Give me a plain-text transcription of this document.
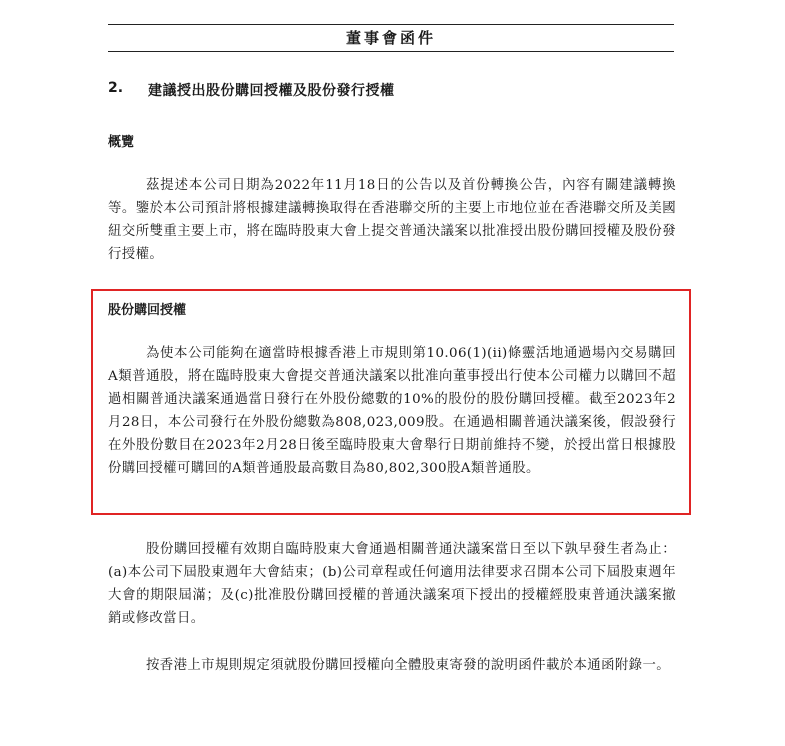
董事會函件
2. 建議授出股份購回授權及股份發行授權
概覽

茲提述本公司日期為2022年11月18日的公告以及首份轉換公告，內容有關建議轉換等。鑒於本公司預計將根據建議轉換取得在香港聯交所的主要上市地位並在香港聯交所及美國紐交所雙重主要上市，將在臨時股東大會上提交普通決議案以批准授出股份購回授權及股份發行授權。

股份購回授權

為使本公司能夠在適當時根據香港上市規則第10.06(1)(ii)條靈活地通過場內交易購回A類普通股，將在臨時股東大會提交普通決議案以批准向董事授出行使本公司權力以購回不超過相關普通決議案通過當日發行在外股份總數的10%的股份的股份購回授權。截至2023年2月28日，本公司發行在外股份總數為808,023,009股。在通過相關普通決議案後，假設發行在外股份數目在2023年2月28日後至臨時股東大會舉行日期前維持不變，於授出當日根據股份購回授權可購回的A類普通股最高數目為80,802,300股A類普通股。

股份購回授權有效期自臨時股東大會通過相關普通決議案當日至以下孰早發生者為止：(a)本公司下屆股東週年大會結束；(b)公司章程或任何適用法律要求召開本公司下屆股東週年大會的期限屆滿；及(c)批准股份購回授權的普通決議案項下授出的授權經股東普通決議案撤銷或修改當日。

按香港上市規則規定須就股份購回授權向全體股東寄發的說明函件載於本通函附錄一。
